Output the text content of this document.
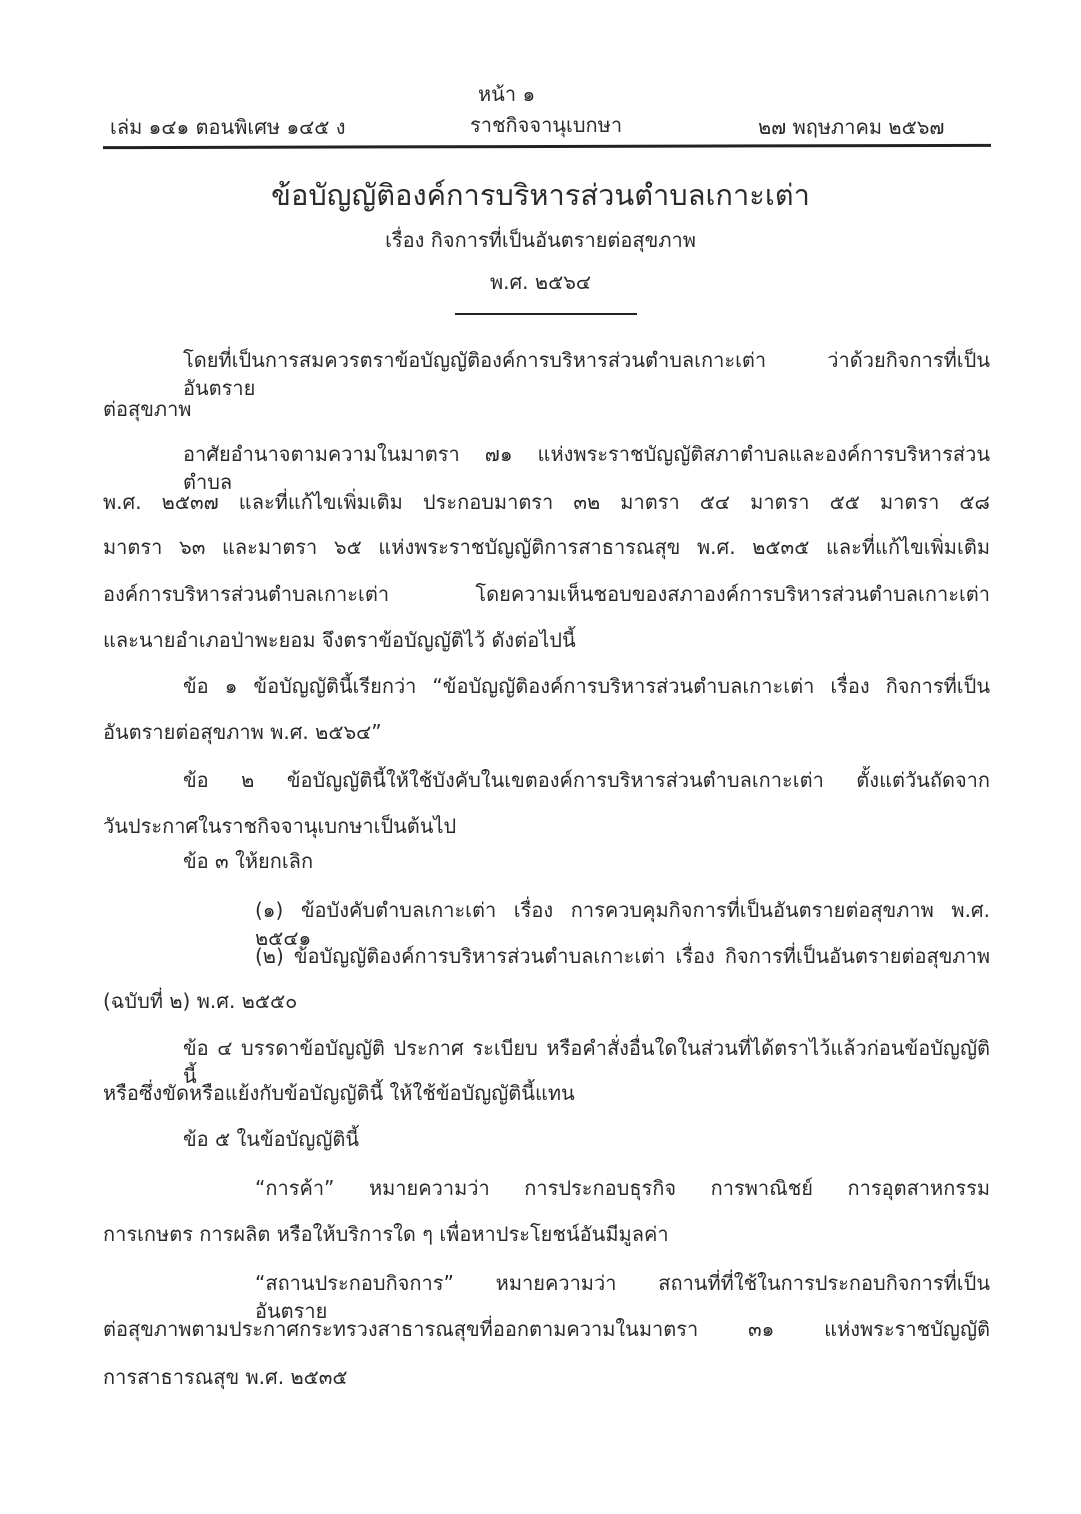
หน้า ๑
เล่ม ๑๔๑ ตอนพิเศษ ๑๔๕ ง	ราชกิจจานุเบกษา	๒๗ พฤษภาคม ๒๕๖๗
ข้อบัญญัติองค์การบริหารส่วนตำบลเกาะเต่า
เรื่อง กิจการที่เป็นอันตรายต่อสุขภาพ
พ.ศ. ๒๕๖๔
โดยที่เป็นการสมควรตราข้อบัญญัติองค์การบริหารส่วนตำบลเกาะเต่า ว่าด้วยกิจการที่เป็นอันตราย
ต่อสุขภาพ
อาศัยอำนาจตามความในมาตรา ๗๑ แห่งพระราชบัญญัติสภาตำบลและองค์การบริหารส่วนตำบล
พ.ศ. ๒๕๓๗ และที่แก้ไขเพิ่มเติม ประกอบมาตรา ๓๒ มาตรา ๕๔ มาตรา ๕๕ มาตรา ๕๘
มาตรา ๖๓ และมาตรา ๖๕ แห่งพระราชบัญญัติการสาธารณสุข พ.ศ. ๒๕๓๕ และที่แก้ไขเพิ่มเติม
องค์การบริหารส่วนตำบลเกาะเต่า โดยความเห็นชอบของสภาองค์การบริหารส่วนตำบลเกาะเต่า
และนายอำเภอป่าพะยอม จึงตราข้อบัญญัติไว้ ดังต่อไปนี้
ข้อ ๑ ข้อบัญญัตินี้เรียกว่า “ข้อบัญญัติองค์การบริหารส่วนตำบลเกาะเต่า เรื่อง กิจการที่เป็น
อันตรายต่อสุขภาพ พ.ศ. ๒๕๖๔”
ข้อ ๒ ข้อบัญญัตินี้ให้ใช้บังคับในเขตองค์การบริหารส่วนตำบลเกาะเต่า ตั้งแต่วันถัดจาก
วันประกาศในราชกิจจานุเบกษาเป็นต้นไป
ข้อ ๓ ให้ยกเลิก
(๑) ข้อบังคับตำบลเกาะเต่า เรื่อง การควบคุมกิจการที่เป็นอันตรายต่อสุขภาพ พ.ศ. ๒๕๔๑
(๒) ข้อบัญญัติองค์การบริหารส่วนตำบลเกาะเต่า เรื่อง กิจการที่เป็นอันตรายต่อสุขภาพ
(ฉบับที่ ๒) พ.ศ. ๒๕๕๐
ข้อ ๔ บรรดาข้อบัญญัติ ประกาศ ระเบียบ หรือคำสั่งอื่นใดในส่วนที่ได้ตราไว้แล้วก่อนข้อบัญญัตินี้
หรือซึ่งขัดหรือแย้งกับข้อบัญญัตินี้ ให้ใช้ข้อบัญญัตินี้แทน
ข้อ ๕ ในข้อบัญญัตินี้
“การค้า” หมายความว่า การประกอบธุรกิจ การพาณิชย์ การอุตสาหกรรม
การเกษตร การผลิต หรือให้บริการใด ๆ เพื่อหาประโยชน์อันมีมูลค่า
“สถานประกอบกิจการ” หมายความว่า สถานที่ที่ใช้ในการประกอบกิจการที่เป็นอันตราย
ต่อสุขภาพตามประกาศกระทรวงสาธารณสุขที่ออกตามความในมาตรา ๓๑ แห่งพระราชบัญญัติ
การสาธารณสุข พ.ศ. ๒๕๓๕
